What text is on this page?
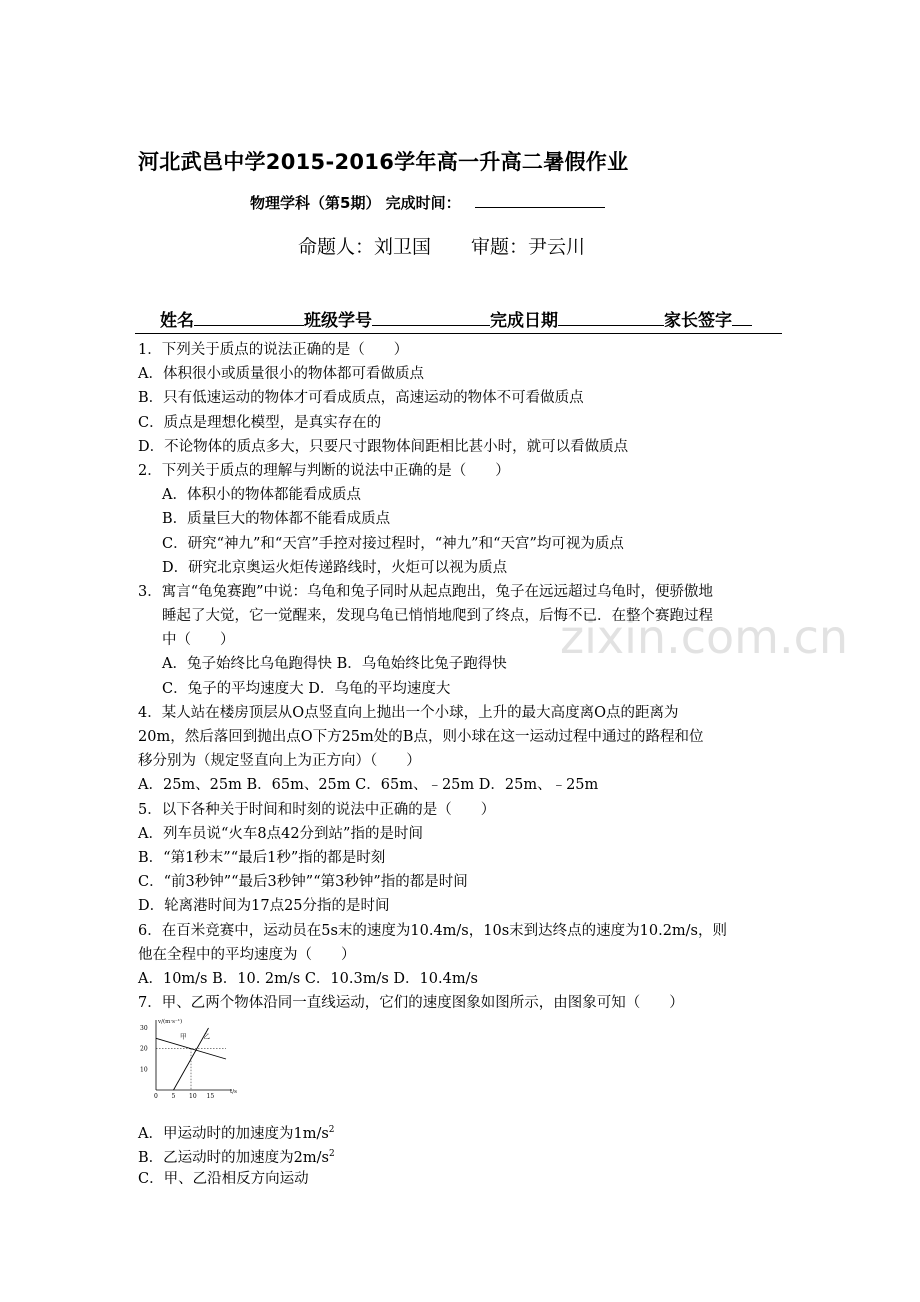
zixin.com.cn
河北武邑中学2015-2016学年高一升高二暑假作业
物理学科（第5期） 完成时间：
命题人：刘卫国 审题：尹云川
姓名	班级学号	完成日期	家长签字
1．下列关于质点的说法正确的是（　　）
A．体积很小或质量很小的物体都可看做质点
B．只有低速运动的物体才可看成质点，高速运动的物体不可看做质点
C．质点是理想化模型，是真实存在的
D．不论物体的质点多大，只要尺寸跟物体间距相比甚小时，就可以看做质点
2．下列关于质点的理解与判断的说法中正确的是（　　）
A．体积小的物体都能看成质点
B．质量巨大的物体都不能看成质点
C．研究“神九”和“天宫”手控对接过程时，“神九”和“天宫”均可视为质点
D．研究北京奥运火炬传递路线时，火炬可以视为质点
3．寓言“龟兔赛跑”中说：乌龟和兔子同时从起点跑出，兔子在远远超过乌龟时，便骄傲地
睡起了大觉，它一觉醒来，发现乌龟已悄悄地爬到了终点，后悔不已．在整个赛跑过程
中（　　）
A．兔子始终比乌龟跑得快 B．乌龟始终比兔子跑得快
C．兔子的平均速度大 D．乌龟的平均速度大
4．某人站在楼房顶层从O点竖直向上抛出一个小球，上升的最大高度离O点的距离为
20m，然后落回到抛出点O下方25m处的B点，则小球在这一运动过程中通过的路程和位
移分别为（规定竖直向上为正方向）（　　）
A．25m、25m B．65m、25m C．65m、﹣25m D．25m、﹣25m
5．以下各种关于时间和时刻的说法中正确的是（　　）
A．列车员说“火车8点42分到站”指的是时间
B．“第1秒末”“最后1秒”指的都是时刻
C．“前3秒钟”“最后3秒钟”“第3秒钟”指的都是时间
D．轮离港时间为17点25分指的是时间
6．在百米竞赛中，运动员在5s末的速度为10.4m/s，10s末到达终点的速度为10.2m/s，则
他在全程中的平均速度为（　　）
A．10m/s B．10. 2m/s C．10.3m/s D．10.4m/s
7．甲、乙两个物体沿同一直线运动，它们的速度图象如图所示，由图象可知（　　）
A．甲运动时的加速度为$1m/s^2$
B．乙运动时的加速度为$2m/s^2$
C．甲、乙沿相反方向运动
v/(m·s⁻¹)
t/s
0 5 10 15
10
20
30
甲	乙
